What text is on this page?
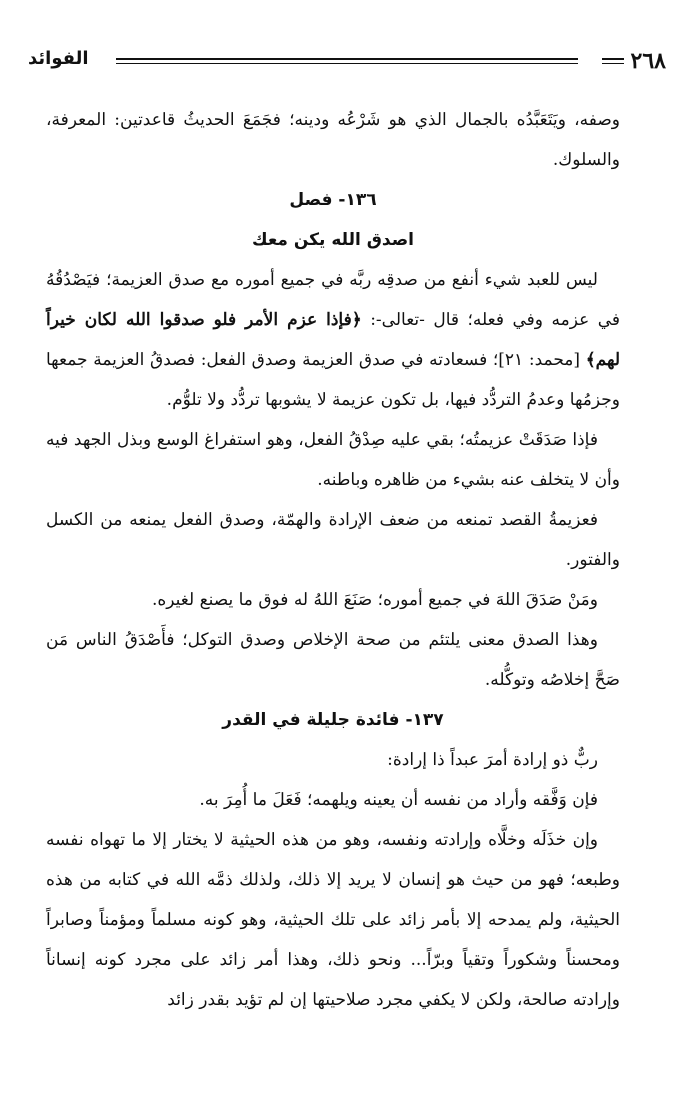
٢٦٨
الفوائد

وصفه، ويَتَعَبَّدُه بالجمال الذي هو شَرْعُه ودينه؛ فجَمَعَ الحديثُ قاعدتين: المعرفة، والسلوك.

١٣٦- فصل

اصدق الله يكن معك

ليس للعبد شيء أنفع من صدقِه ربَّه في جميع أموره مع صدق العزيمة؛ فيَصْدُقُهُ في عزمه وفي فعله؛ قال -تعالى-: ﴿فإذا عزم الأمر فلو صدقوا الله لكان خيراً لهم﴾ [محمد: ٢١]؛ فسعادته في صدق العزيمة وصدق الفعل: فصدقُ العزيمة جمعها وجزمُها وعدمُ التردُّد فيها، بل تكون عزيمة لا يشوبها تردُّد ولا تلوُّم.

فإذا صَدَقَتْ عزيمتُه؛ بقي عليه صِدْقُ الفعل، وهو استفراغ الوسع وبذل الجهد فيه وأن لا يتخلف عنه بشيء من ظاهره وباطنه.

فعزيمةُ القصد تمنعه من ضعف الإرادة والهمّة، وصدق الفعل يمنعه من الكسل والفتور.

ومَنْ صَدَقَ اللهَ في جميع أموره؛ صَنَعَ اللهُ له فوق ما يصنع لغيره.

وهذا الصدق معنى يلتئم من صحة الإخلاص وصدق التوكل؛ فأَصْدَقُ الناس مَن صَحَّ إخلاصُه وتوكُّله.

١٣٧- فائدة جليلة في القدر

ربٌّ ذو إرادة أمرَ عبداً ذا إرادة:

فإن وَفَّقه وأراد من نفسه أن يعينه ويلهمه؛ فَعَلَ ما أُمِرَ به.

وإن خذَلَه وخلَّاه وإرادته ونفسه، وهو من هذه الحيثية لا يختار إلا ما تهواه نفسه وطبعه؛ فهو من حيث هو إنسان لا يريد إلا ذلك، ولذلك ذمَّه الله في كتابه من هذه الحيثية، ولم يمدحه إلا بأمر زائد على تلك الحيثية، وهو كونه مسلماً ومؤمناً وصابراً ومحسناً وشكوراً وتقياً وبرّاً... ونحو ذلك، وهذا أمر زائد على مجرد كونه إنساناً وإرادته صالحة، ولكن لا يكفي مجرد صلاحيتها إن لم تؤيد بقدر زائد
